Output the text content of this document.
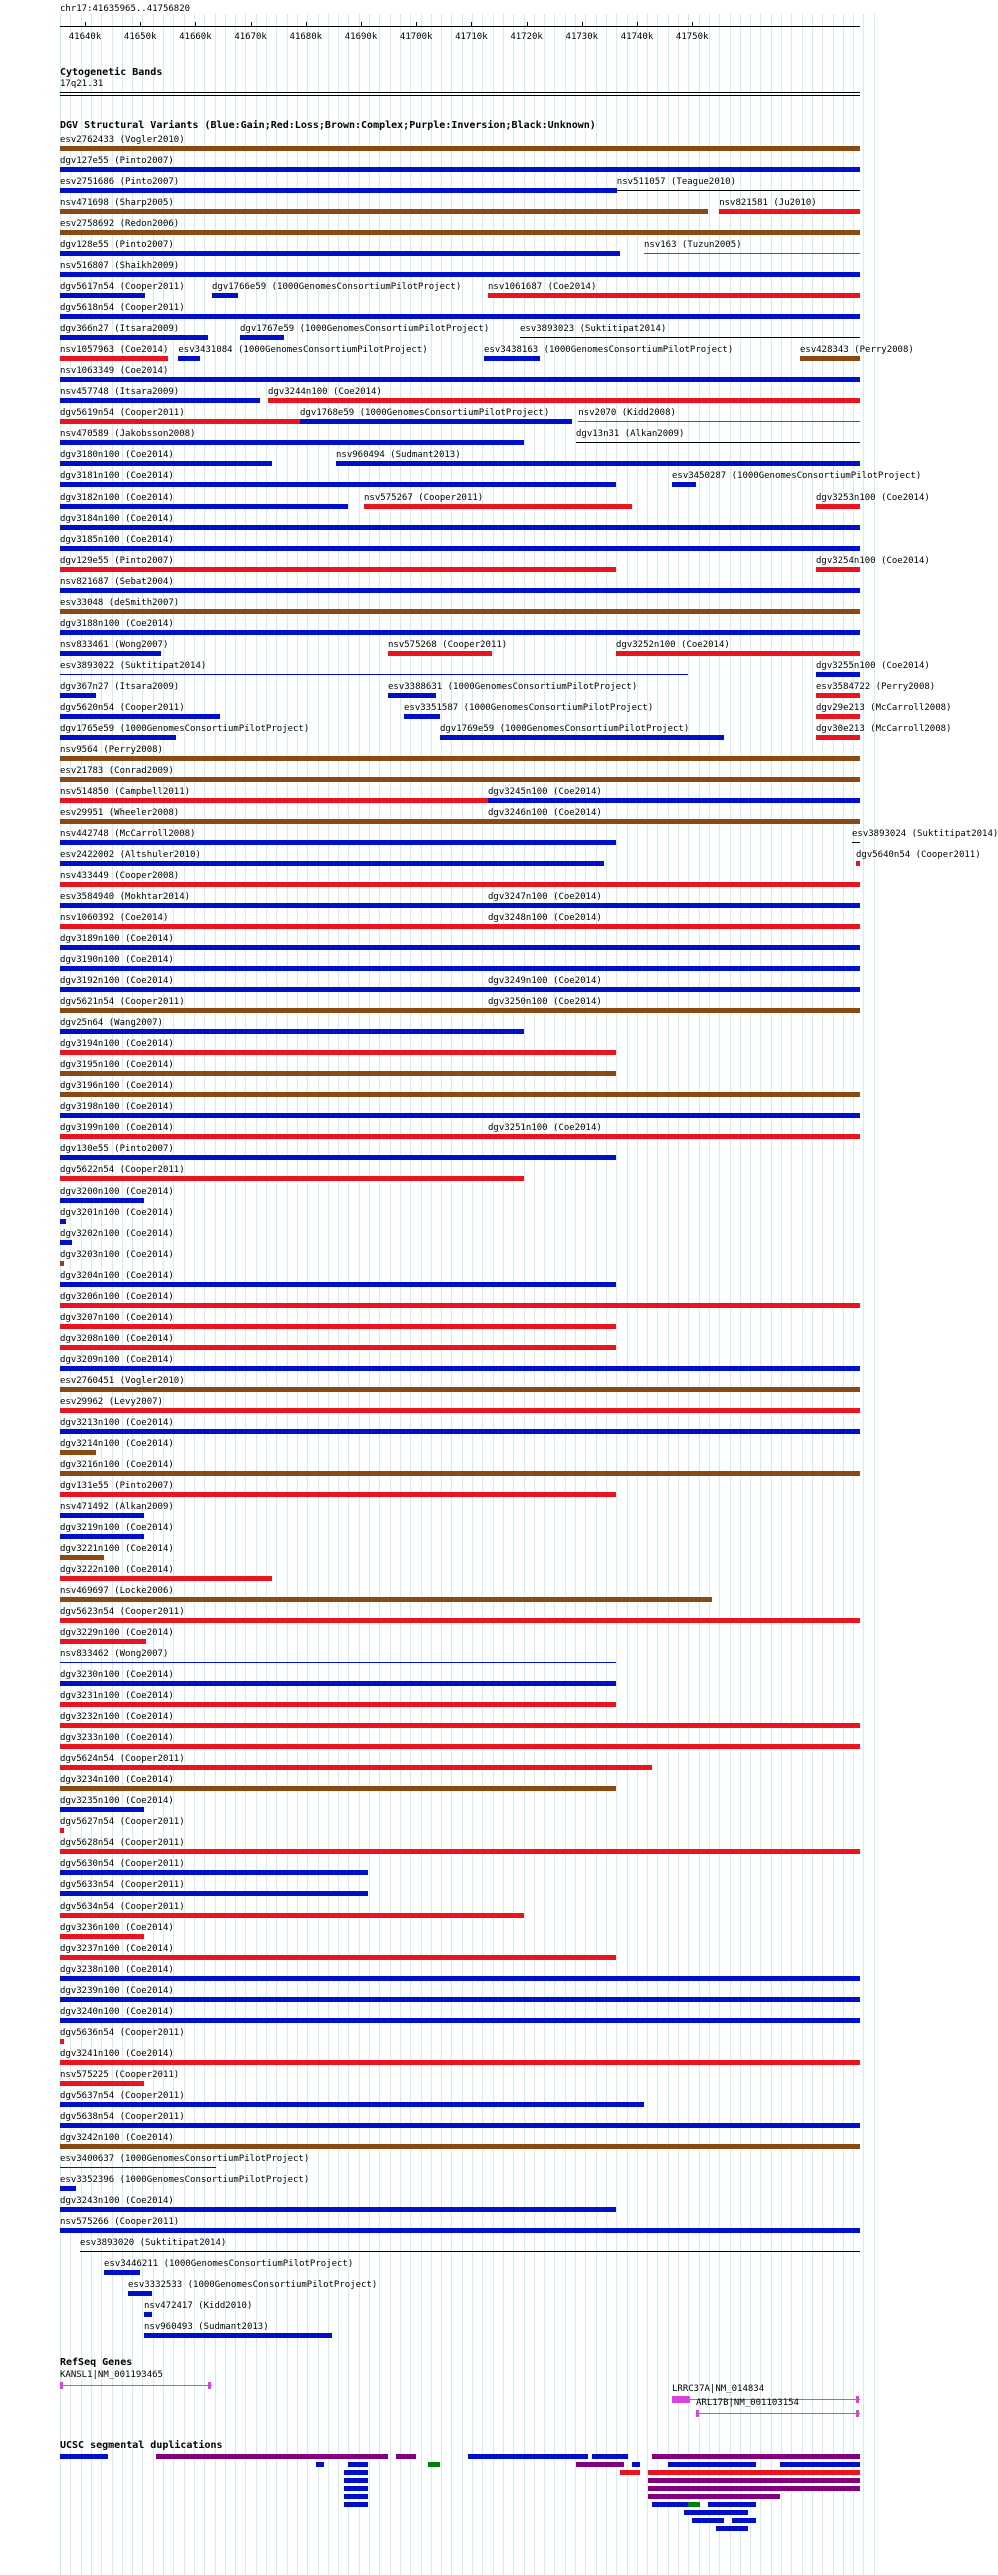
chr17:41635965..41756820
41640k	41650k	41660k	41670k	41680k	41690k	41700k	41710k	41720k	41730k	41740k	41750k
Cytogenetic Bands
17q21.31
DGV Structural Variants (Blue:Gain;Red:Loss;Brown:Complex;Purple:Inversion;Black:Unknown)
esv2762433 (Vogler2010)
dgv127e55 (Pinto2007)
esv2751686 (Pinto2007)	nsv511057 (Teague2010)
nsv471698 (Sharp2005)	nsv821581 (Ju2010)
esv2758692 (Redon2006)
dgv128e55 (Pinto2007)	nsv163 (Tuzun2005)
nsv516807 (Shaikh2009)
dgv5617n54 (Cooper2011)	dgv1766e59 (1000GenomesConsortiumPilotProject)	nsv1061687 (Coe2014)
dgv5618n54 (Cooper2011)
dgv366n27 (Itsara2009)	dgv1767e59 (1000GenomesConsortiumPilotProject)	esv3893023 (Suktitipat2014)
nsv1057963 (Coe2014) esv3431084 (1000GenomesConsortiumPilotProject)	esv3438163 (1000GenomesConsortiumPilotProject)	esv428343 (Perry2008)
nsv1063349 (Coe2014)
nsv457748 (Itsara2009)	dgv3244n100 (Coe2014)
dgv5619n54 (Cooper2011)	dgv1768e59 (1000GenomesConsortiumPilotProject)	nsv2070 (Kidd2008)
nsv470589 (Jakobsson2008)	dgv13n31 (Alkan2009)
dgv3180n100 (Coe2014)	nsv960494 (Sudmant2013)
dgv3181n100 (Coe2014)	esv3450287 (1000GenomesConsortiumPilotProject)
dgv3182n100 (Coe2014)	nsv575267 (Cooper2011)	dgv3253n100 (Coe2014)
dgv3184n100 (Coe2014)
dgv3185n100 (Coe2014)
dgv129e55 (Pinto2007)	dgv3254n100 (Coe2014)
nsv821687 (Sebat2004)
esv33048 (deSmith2007)
dgv3188n100 (Coe2014)
nsv833461 (Wong2007)	nsv575268 (Cooper2011)	dgv3252n100 (Coe2014)
esv3893022 (Suktitipat2014)	dgv3255n100 (Coe2014)
dgv367n27 (Itsara2009)	esv3388631 (1000GenomesConsortiumPilotProject)	esv3584722 (Perry2008)
dgv5620n54 (Cooper2011)	esv3351587 (1000GenomesConsortiumPilotProject)	dgv29e213 (McCarroll2008)
dgv1765e59 (1000GenomesConsortiumPilotProject)	dgv1769e59 (1000GenomesConsortiumPilotProject)	dgv30e213 (McCarroll2008)
nsv9564 (Perry2008)
esv21783 (Conrad2009)
nsv514850 (Campbell2011)	dgv3245n100 (Coe2014)
esv29951 (Wheeler2008)	dgv3246n100 (Coe2014)
nsv442748 (McCarroll2008)	esv3893024 (Suktitipat2014)
esv2422002 (Altshuler2010)	dgv5640n54 (Cooper2011)
nsv433449 (Cooper2008)
esv3584940 (Mokhtar2014)	dgv3247n100 (Coe2014)
nsv1060392 (Coe2014)	dgv3248n100 (Coe2014)
dgv3189n100 (Coe2014)
dgv3190n100 (Coe2014)
dgv3192n100 (Coe2014)	dgv3249n100 (Coe2014)
dgv5621n54 (Cooper2011)	dgv3250n100 (Coe2014)
dgv25n64 (Wang2007)
dgv3194n100 (Coe2014)
dgv3195n100 (Coe2014)
dgv3196n100 (Coe2014)
dgv3198n100 (Coe2014)
dgv3199n100 (Coe2014)	dgv3251n100 (Coe2014)
dgv130e55 (Pinto2007)
dgv5622n54 (Cooper2011)
dgv3200n100 (Coe2014)
dgv3201n100 (Coe2014)
dgv3202n100 (Coe2014)
dgv3203n100 (Coe2014)
dgv3204n100 (Coe2014)
dgv3206n100 (Coe2014)
dgv3207n100 (Coe2014)
dgv3208n100 (Coe2014)
dgv3209n100 (Coe2014)
esv2760451 (Vogler2010)
esv29962 (Levy2007)
dgv3213n100 (Coe2014)
dgv3214n100 (Coe2014)
dgv3216n100 (Coe2014)
dgv131e55 (Pinto2007)
nsv471492 (Alkan2009)
dgv3219n100 (Coe2014)
dgv3221n100 (Coe2014)
dgv3222n100 (Coe2014)
nsv469697 (Locke2006)
dgv5623n54 (Cooper2011)
dgv3229n100 (Coe2014)
nsv833462 (Wong2007)
dgv3230n100 (Coe2014)
dgv3231n100 (Coe2014)
dgv3232n100 (Coe2014)
dgv3233n100 (Coe2014)
dgv5624n54 (Cooper2011)
dgv3234n100 (Coe2014)
dgv3235n100 (Coe2014)
dgv5627n54 (Cooper2011)
dgv5628n54 (Cooper2011)
dgv5630n54 (Cooper2011)
dgv5633n54 (Cooper2011)
dgv5634n54 (Cooper2011)
dgv3236n100 (Coe2014)
dgv3237n100 (Coe2014)
dgv3238n100 (Coe2014)
dgv3239n100 (Coe2014)
dgv3240n100 (Coe2014)
dgv5636n54 (Cooper2011)
dgv3241n100 (Coe2014)
nsv575225 (Cooper2011)
dgv5637n54 (Cooper2011)
dgv5638n54 (Cooper2011)
dgv3242n100 (Coe2014)
esv3400637 (1000GenomesConsortiumPilotProject)
esv3352396 (1000GenomesConsortiumPilotProject)
dgv3243n100 (Coe2014)
nsv575266 (Cooper2011)
esv3893020 (Suktitipat2014)
esv3446211 (1000GenomesConsortiumPilotProject)
esv3332533 (1000GenomesConsortiumPilotProject)
nsv472417 (Kidd2010)
nsv960493 (Sudmant2013)
RefSeq Genes
KANSL1|NM_001193465
LRRC37A|NM_014834
ARL17B|NM_001103154
UCSC segmental duplications
